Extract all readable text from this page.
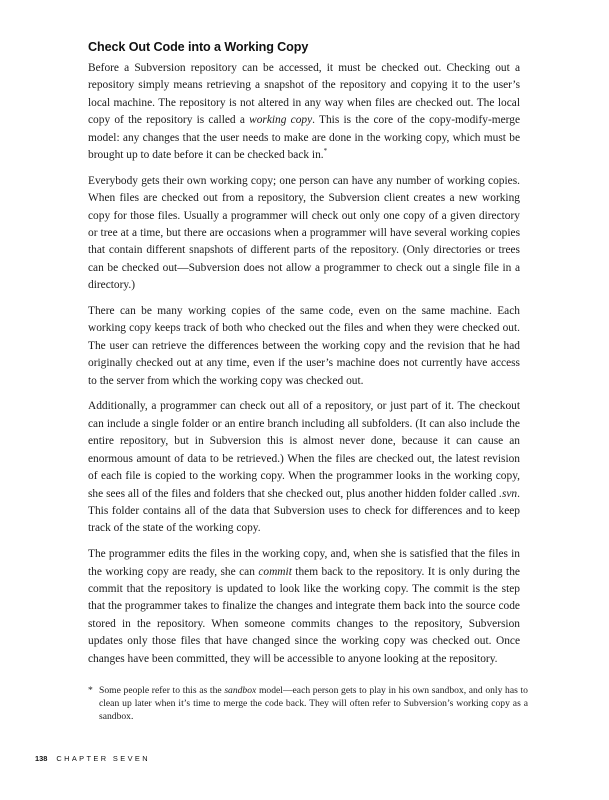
Check Out Code into a Working Copy

Before a Subversion repository can be accessed, it must be checked out. Checking out a repository simply means retrieving a snapshot of the repository and copying it to the user’s local machine. The repository is not altered in any way when files are checked out. The local copy of the repository is called a working copy. This is the core of the copy-modify-merge model: any changes that the user needs to make are done in the working copy, which must be brought up to date before it can be checked back in.*

Everybody gets their own working copy; one person can have any number of working copies. When files are checked out from a repository, the Subversion client creates a new working copy for those files. Usually a programmer will check out only one copy of a given directory or tree at a time, but there are occasions when a programmer will have several working copies that contain different snapshots of different parts of the repository. (Only directories or trees can be checked out—Subversion does not allow a programmer to check out a single file in a directory.)

There can be many working copies of the same code, even on the same machine. Each working copy keeps track of both who checked out the files and when they were checked out. The user can retrieve the differences between the working copy and the revision that he had originally checked out at any time, even if the user’s machine does not currently have access to the server from which the working copy was checked out.

Additionally, a programmer can check out all of a repository, or just part of it. The checkout can include a single folder or an entire branch including all subfolders. (It can also include the entire repository, but in Subversion this is almost never done, because it can cause an enormous amount of data to be retrieved.) When the files are checked out, the latest revision of each file is copied to the working copy. When the programmer looks in the working copy, she sees all of the files and folders that she checked out, plus another hidden folder called .svn. This folder contains all of the data that Subversion uses to check for differences and to keep track of the state of the working copy.

The programmer edits the files in the working copy, and, when she is satisfied that the files in the working copy are ready, she can commit them back to the repository. It is only during the commit that the repository is updated to look like the working copy. The commit is the step that the programmer takes to finalize the changes and integrate them back into the source code stored in the repository. When someone commits changes to the repository, Subversion updates only those files that have changed since the working copy was checked out. Once changes have been committed, they will be accessible to anyone looking at the repository.

* Some people refer to this as the sandbox model—each person gets to play in his own sandbox, and only has to clean up later when it’s time to merge the code back. They will often refer to Subversion’s working copy as a sandbox.
138 CHAPTER SEVEN
